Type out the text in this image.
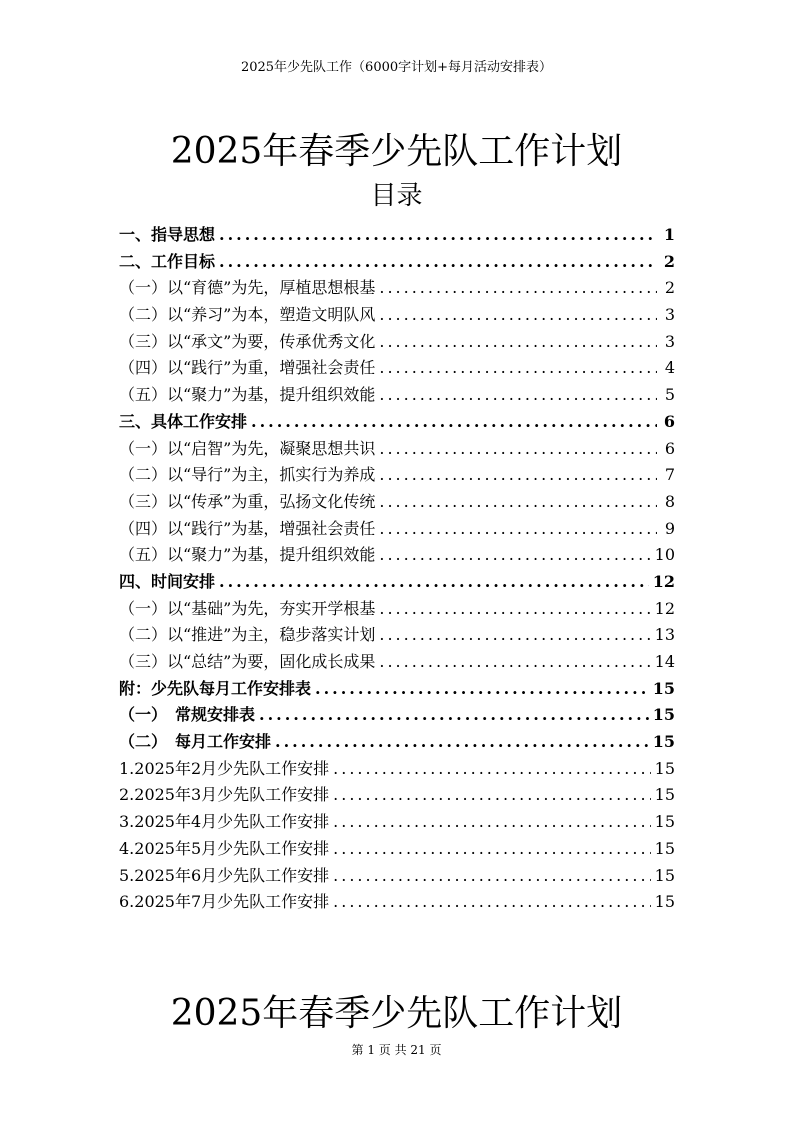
2025年少先队工作（6000字计划+每月活动安排表）
2025年春季少先队工作计划
目录
一、指导思想 .....	1
二、工作目标 .....	2
（一）以“育德”为先，厚植思想根基 .....	2
（二）以“养习”为本，塑造文明队风 .....	3
（三）以“承文”为要，传承优秀文化 .....	3
（四）以“践行”为重，增强社会责任 .....	4
（五）以“聚力”为基，提升组织效能 .....	5
三、具体工作安排 .....	6
（一）以“启智”为先，凝聚思想共识 .....	6
（二）以“导行”为主，抓实行为养成 .....	7
（三）以“传承”为重，弘扬文化传统 .....	8
（四）以“践行”为基，增强社会责任 .....	9
（五）以“聚力”为基，提升组织效能 .....	10
四、时间安排 .....	12
（一）以“基础”为先，夯实开学根基 .....	12
（二）以“推进”为主，稳步落实计划 .....	13
（三）以“总结”为要，固化成长成果 .....	14
附：少先队每月工作安排表 .....	15
（一）　常规安排表 .....	15
（二）　每月工作安排 .....	15
1.2025年2月少先队工作安排 .....	15
2.2025年3月少先队工作安排 .....	15
3.2025年4月少先队工作安排 .....	15
4.2025年5月少先队工作安排 .....	15
5.2025年6月少先队工作安排 .....	15
6.2025年7月少先队工作安排 .....	15
2025年春季少先队工作计划
第 1 页 共 21 页
